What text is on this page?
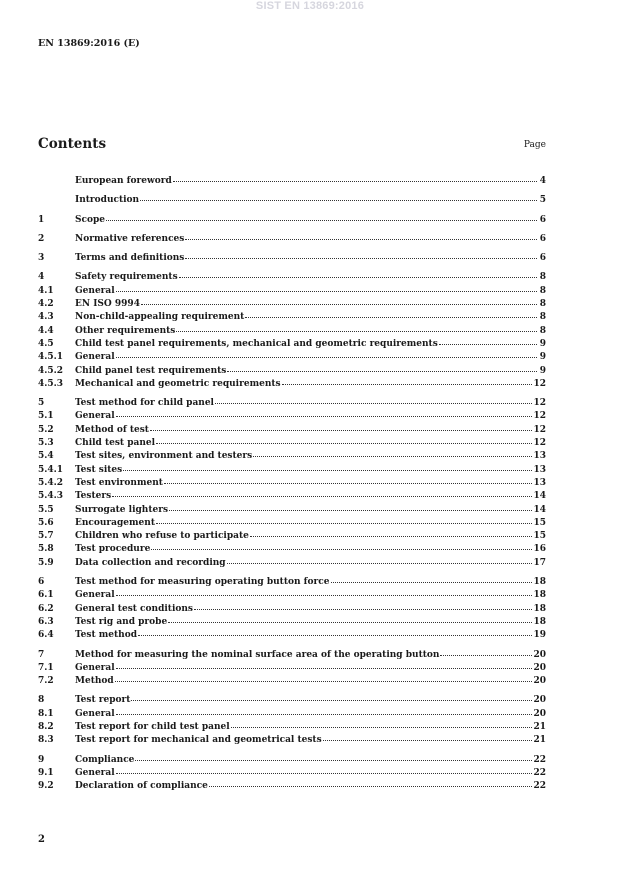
SIST EN 13869:2016
EN 13869:2016 (E)
Contents	Page
European foreword	4
Introduction	5
1	Scope	6
2	Normative references	6
3	Terms and definitions	6
4	Safety requirements	8
4.1	General	8
4.2	EN ISO 9994	8
4.3	Non-child-appealing requirement	8
4.4	Other requirements	8
4.5	Child test panel requirements, mechanical and geometric requirements	9
4.5.1	General	9
4.5.2	Child panel test requirements	9
4.5.3	Mechanical and geometric requirements	12
5	Test method for child panel	12
5.1	General	12
5.2	Method of test	12
5.3	Child test panel	12
5.4	Test sites, environment and testers	13
5.4.1	Test sites	13
5.4.2	Test environment	13
5.4.3	Testers	14
5.5	Surrogate lighters	14
5.6	Encouragement	15
5.7	Children who refuse to participate	15
5.8	Test procedure	16
5.9	Data collection and recording	17
6	Test method for measuring operating button force	18
6.1	General	18
6.2	General test conditions	18
6.3	Test rig and probe	18
6.4	Test method	19
7	Method for measuring the nominal surface area of the operating button	20
7.1	General	20
7.2	Method	20
8	Test report	20
8.1	General	20
8.2	Test report for child test panel	21
8.3	Test report for mechanical and geometrical tests	21
9	Compliance	22
9.1	General	22
9.2	Declaration of compliance	22
2
